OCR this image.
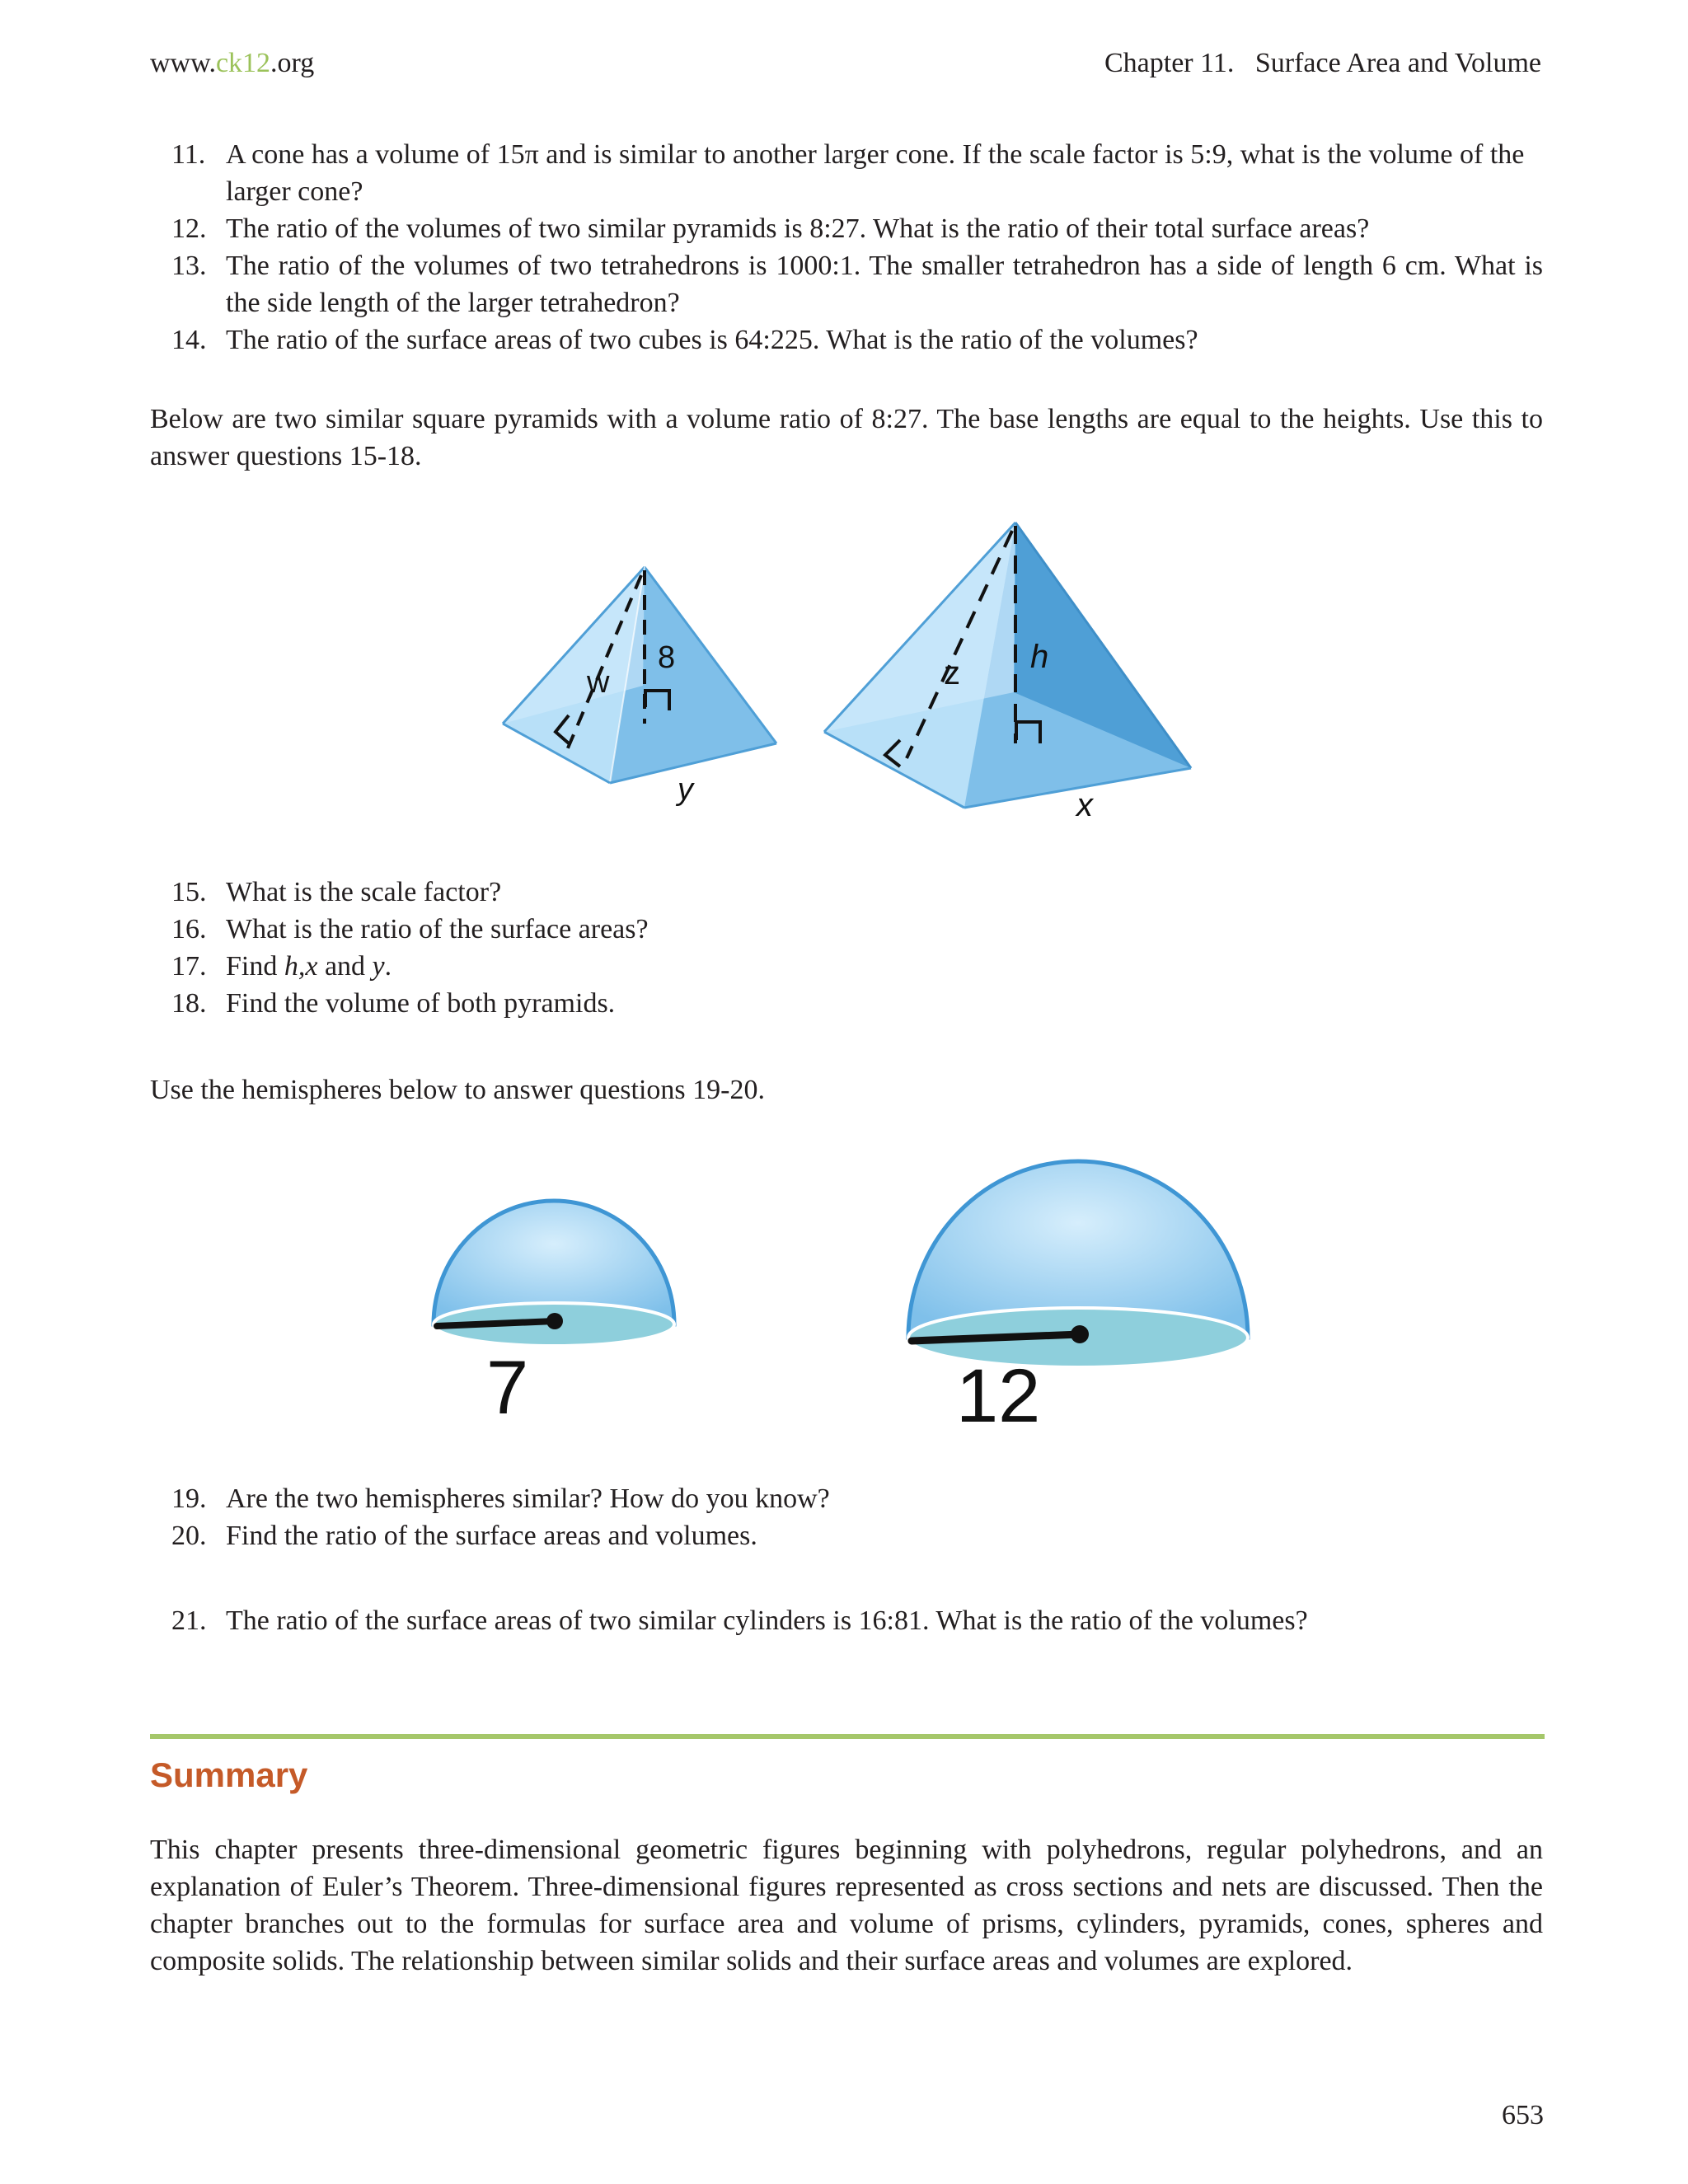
www.ck12.org	Chapter 11.   Surface Area and Volume
11. A cone has a volume of 15π and is similar to another larger cone. If the scale factor is 5:9, what is the volume of the larger cone?
12. The ratio of the volumes of two similar pyramids is 8:27. What is the ratio of their total surface areas?
13. The ratio of the volumes of two tetrahedrons is 1000:1. The smaller tetrahedron has a side of length 6 cm. What is the side length of the larger tetrahedron?
14. The ratio of the surface areas of two cubes is 64:225. What is the ratio of the volumes?
Below are two similar square pyramids with a volume ratio of 8:27. The base lengths are equal to the heights. Use this to answer questions 15-18.
w
8
y
z h
x
15. What is the scale factor?
16. What is the ratio of the surface areas?
17. Find h,x and y.
18. Find the volume of both pyramids.
Use the hemispheres below to answer questions 19-20.
7	12
19. Are the two hemispheres similar? How do you know?
20. Find the ratio of the surface areas and volumes.
21. The ratio of the surface areas of two similar cylinders is 16:81. What is the ratio of the volumes?
Summary
This chapter presents three-dimensional geometric figures beginning with polyhedrons, regular polyhedrons, and an explanation of Euler’s Theorem. Three-dimensional figures represented as cross sections and nets are discussed. Then the chapter branches out to the formulas for surface area and volume of prisms, cylinders, pyramids, cones, spheres and composite solids. The relationship between similar solids and their surface areas and volumes are explored.
653
